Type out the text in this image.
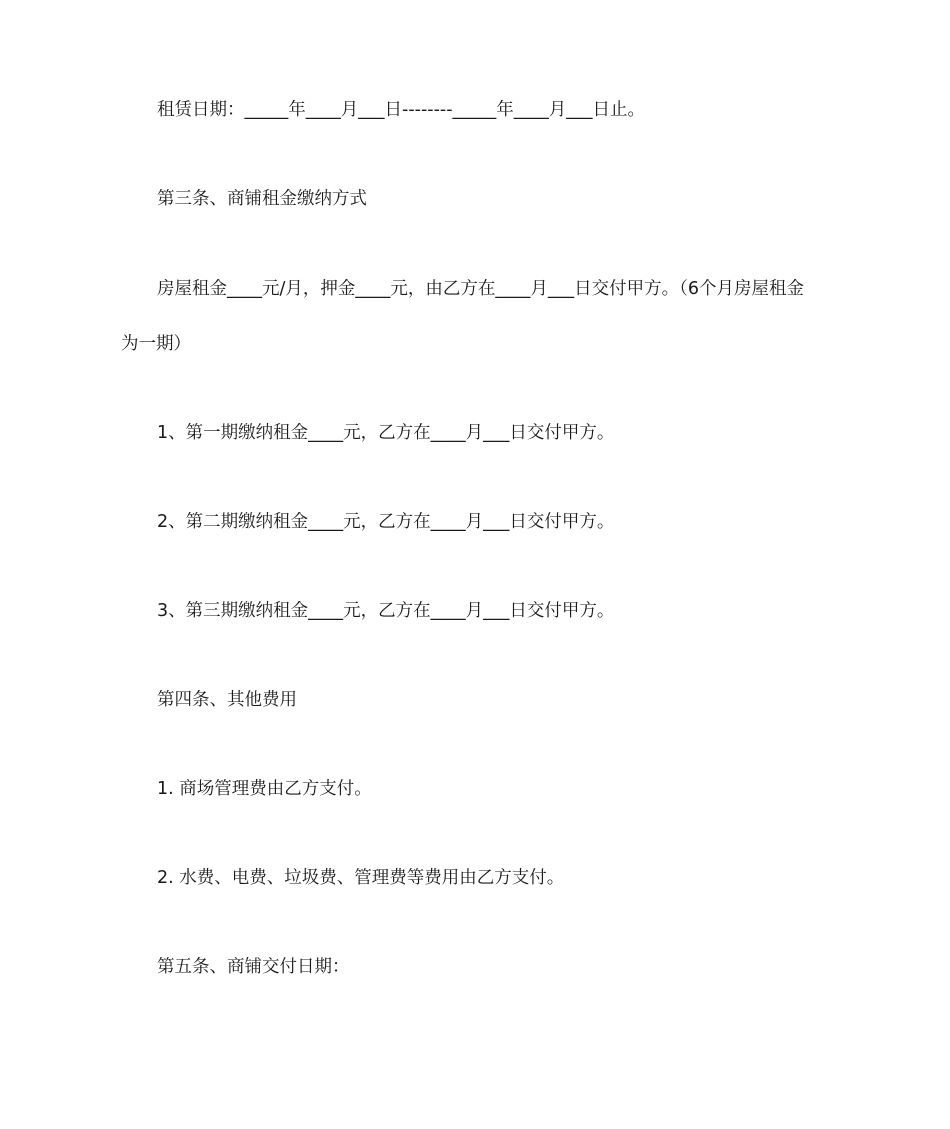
租赁日期：_____年____月___日--------_____年____月___日止。
第三条、商铺租金缴纳方式
房屋租金____元/月，押金____元，由乙方在____月___日交付甲方。（6个月房屋租金
为一期）
1、第一期缴纳租金____元，乙方在____月___日交付甲方。
2、第二期缴纳租金____元，乙方在____月___日交付甲方。
3、第三期缴纳租金____元，乙方在____月___日交付甲方。
第四条、其他费用
1. 商场管理费由乙方支付。
2. 水费、电费、垃圾费、管理费等费用由乙方支付。
第五条、商铺交付日期：
